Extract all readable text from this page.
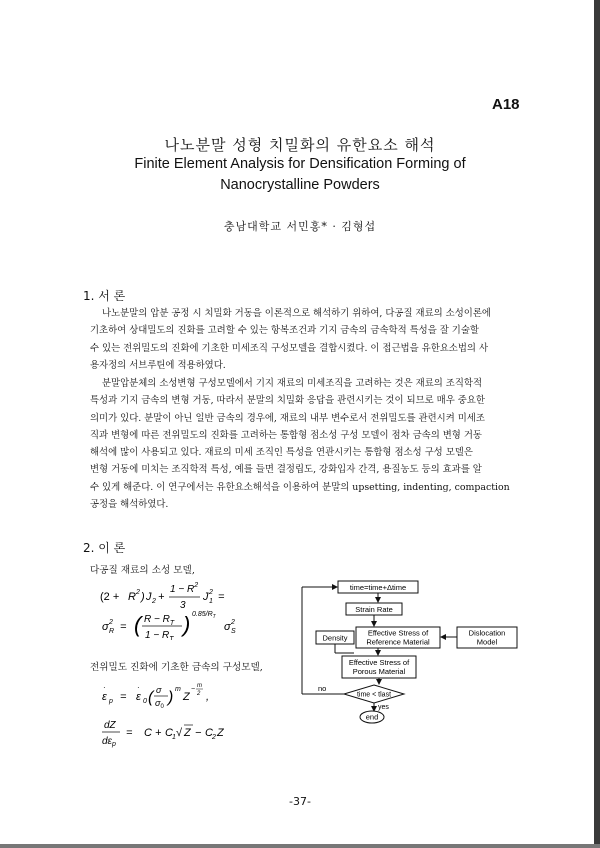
A18
나노분말 성형 치밀화의 유한요소 해석
Finite Element Analysis for Densification Forming of
Nanocrystalline Powders
충남대학교 서민홍* · 김형섭
1. 서 론
나노분말의 압분 공정 시 치밀화 거동을 이론적으로 해석하기 위하여, 다공질 재료의 소성이론에
기초하여 상대밀도의 진화를 고려할 수 있는 항복조건과 기지 금속의 금속학적 특성을 잘 기술할
수 있는 전위밀도의 진화에 기초한 미세조직 구성모델을 결합시켰다. 이 접근법을 유한요소법의 사
용자정의 서브루틴에 적용하였다.
분말압분체의 소성변형 구성모델에서 기지 재료의 미세조직을 고려하는 것은 재료의 조직학적
특성과 기지 금속의 변형 거동, 따라서 분말의 치밀화 응답을 관련시키는 것이 되므로 매우 중요한
의미가 있다. 분말이 아닌 일반 금속의 경우에, 재료의 내부 변수로서 전위밀도를 관련시켜 미세조
직과 변형에 따른 전위밀도의 진화를 고려하는 통합형 점소성 구성 모델이 점차 금속의 변형 거동
해석에 많이 사용되고 있다. 재료의 미세 조직인 특성을 연관시키는 통합형 점소성 구성 모델은
변형 거동에 미치는 조직학적 특성, 예를 들면 결정립도, 강화입자 간격, 용질농도 등의 효과를 알
수 있게 해준다. 이 연구에서는 유한요소해석을 이용하여 분말의 upsetting, indenting, compaction
공정을 해석하였다.
2. 이 론
다공질 재료의 소성 모델,
(2 + R 2 ) J 2 +
$1 - R^2$
3
J 2
1 =
σ 2
R = ( $R - R_T$
$1 - R_T$
) $0.85/R_T$
σ 2
S
전위밀도 진화에 기초한 금속의 구성모델,
ε
·
p = ε
·
0 ( σ
$\sigma_0$
) m
Z
− m
2 ,
dZ
$d\varepsilon_p$
= C + C 1 √ Z − C 2 Z
time=time+Δtime
Strain Rate
Density
Effective Stress of
Reference Material
Dislocation
Model
Effective Stress of
Porous Material
time < tlast
no
yes
end
-37-
